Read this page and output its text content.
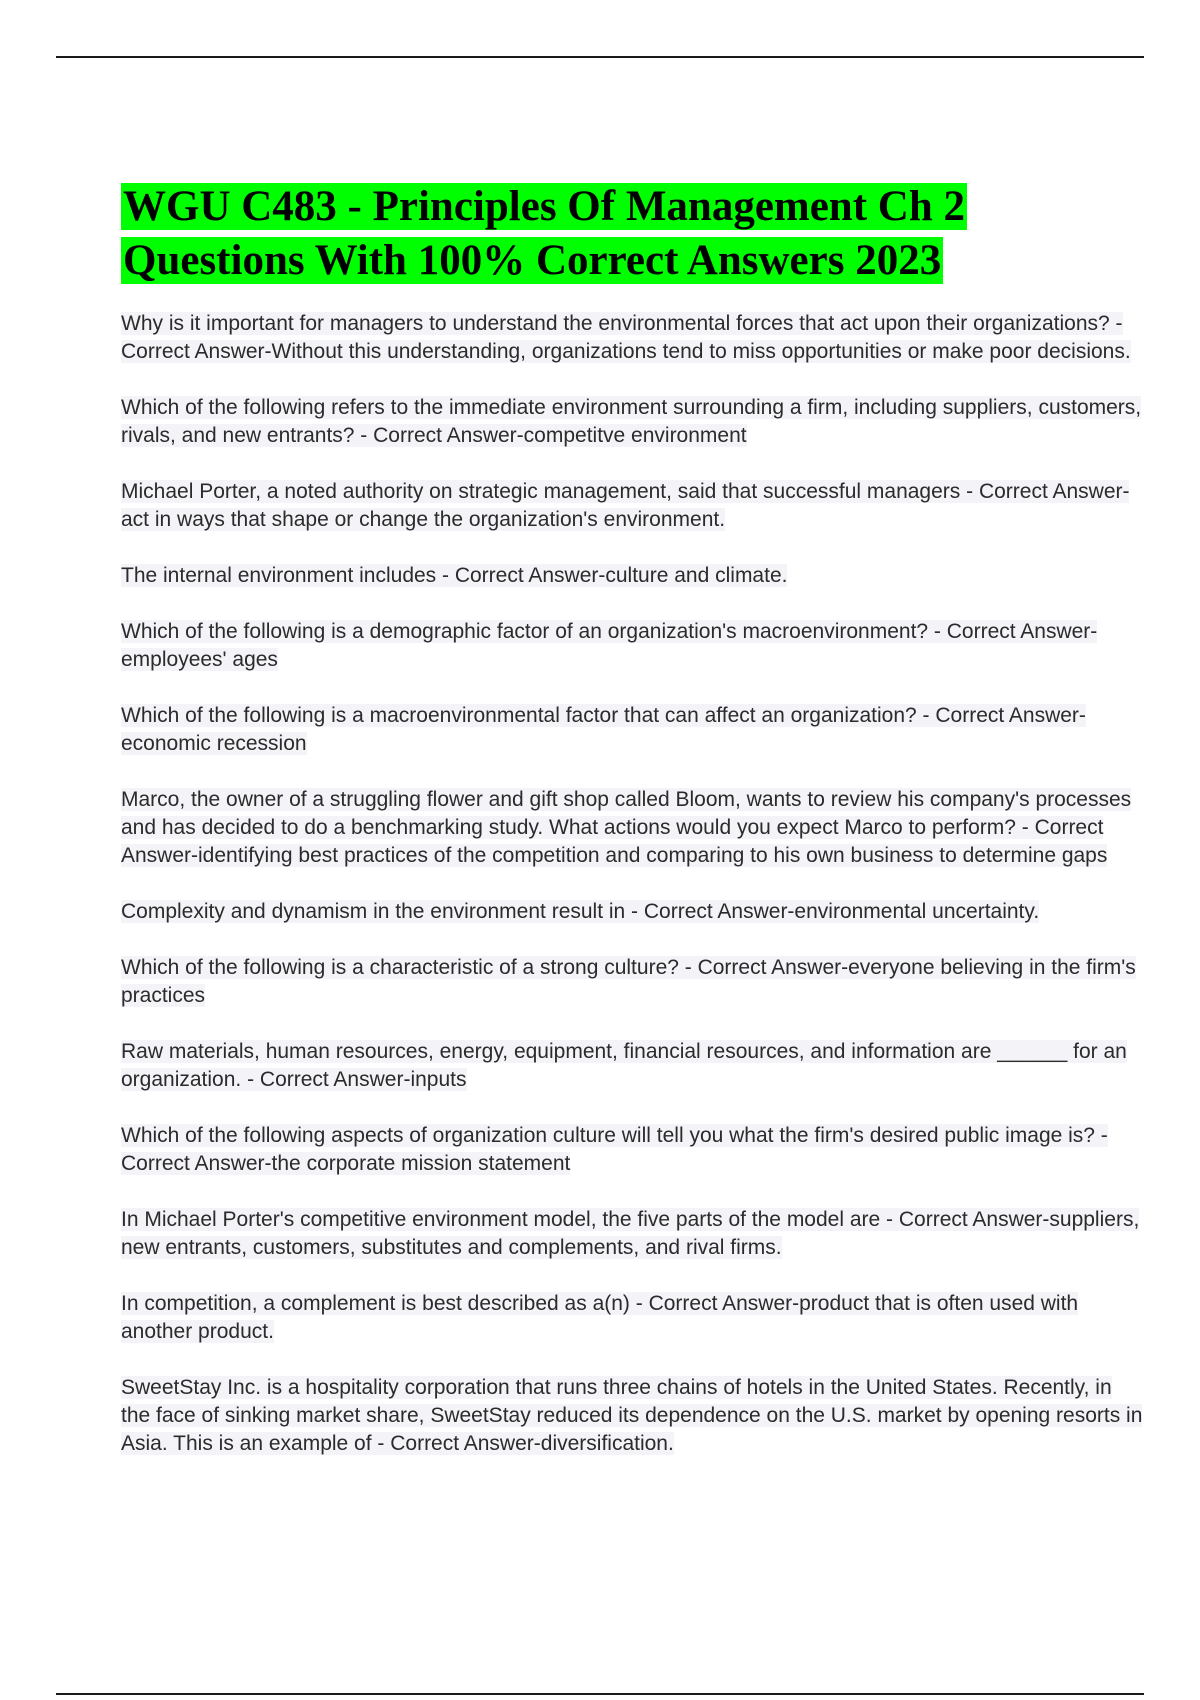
WGU C483 - Principles Of Management Ch 2 Questions With 100% Correct Answers 2023
Why is it important for managers to understand the environmental forces that act upon their organizations? - Correct Answer-Without this understanding, organizations tend to miss opportunities or make poor decisions.
Which of the following refers to the immediate environment surrounding a firm, including suppliers, customers, rivals, and new entrants? - Correct Answer-competitve environment
Michael Porter, a noted authority on strategic management, said that successful managers - Correct Answer-act in ways that shape or change the organization's environment.
The internal environment includes - Correct Answer-culture and climate.
Which of the following is a demographic factor of an organization's macroenvironment? - Correct Answer-employees' ages
Which of the following is a macroenvironmental factor that can affect an organization? - Correct Answer-economic recession
Marco, the owner of a struggling flower and gift shop called Bloom, wants to review his company's processes and has decided to do a benchmarking study. What actions would you expect Marco to perform? - Correct Answer-identifying best practices of the competition and comparing to his own business to determine gaps
Complexity and dynamism in the environment result in - Correct Answer-environmental uncertainty.
Which of the following is a characteristic of a strong culture? - Correct Answer-everyone believing in the firm's practices
Raw materials, human resources, energy, equipment, financial resources, and information are ______ for an organization. - Correct Answer-inputs
Which of the following aspects of organization culture will tell you what the firm's desired public image is? - Correct Answer-the corporate mission statement
In Michael Porter's competitive environment model, the five parts of the model are - Correct Answer-suppliers, new entrants, customers, substitutes and complements, and rival firms.
In competition, a complement is best described as a(n) - Correct Answer-product that is often used with another product.
SweetStay Inc. is a hospitality corporation that runs three chains of hotels in the United States. Recently, in the face of sinking market share, SweetStay reduced its dependence on the U.S. market by opening resorts in Asia. This is an example of - Correct Answer-diversification.
